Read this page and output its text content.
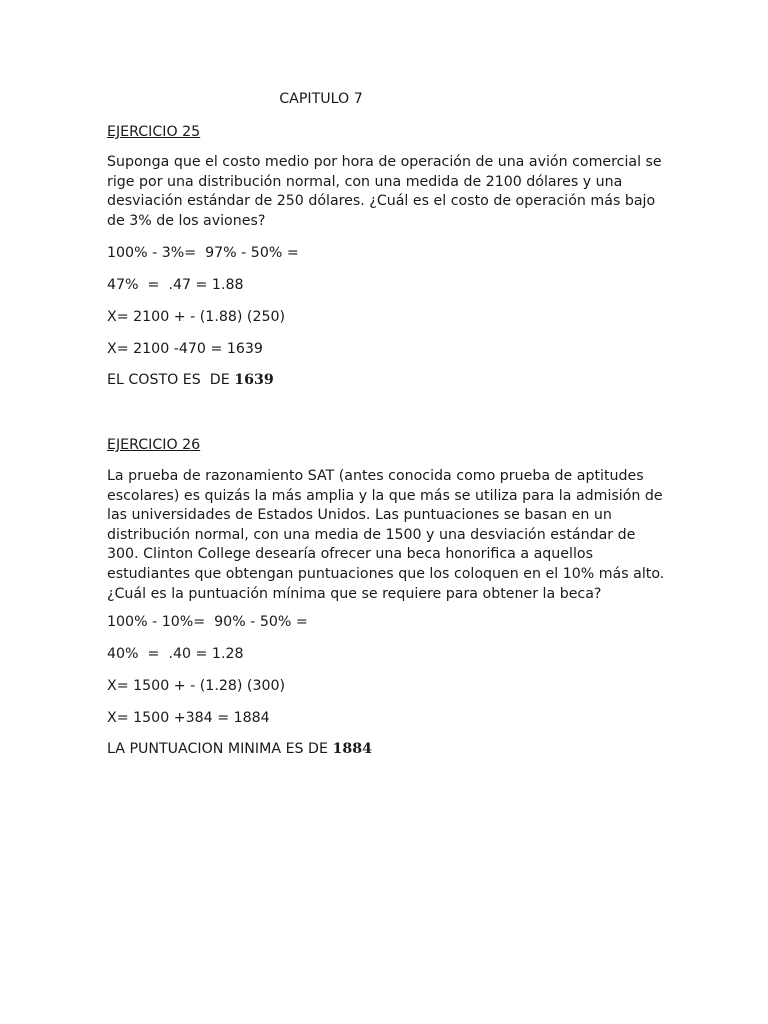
CAPITULO 7
EJERCICIO 25
Suponga que el costo medio por hora de operación de una avión comercial se rige por una distribución normal, con una medida de 2100 dólares y una desviación estándar de 250 dólares. ¿Cuál es el costo de operación más bajo de 3% de los aviones?
100% - 3%=  97% - 50% =
47%  =  .47 = 1.88
X= 2100 + - (1.88) (250)
X= 2100 -470 = 1639
EL COSTO ES  DE 1639
EJERCICIO 26
La prueba de razonamiento SAT (antes conocida como prueba de aptitudes escolares) es quizás la más amplia y la que más se utiliza para la admisión de las universidades de Estados Unidos. Las puntuaciones se basan en un distribución normal, con una media de 1500 y una desviación estándar de 300. Clinton College desearía ofrecer una beca honorifica a aquellos estudiantes que obtengan puntuaciones que los coloquen en el 10% más alto. ¿Cuál es la puntuación mínima que se requiere para obtener la beca?
100% - 10%=  90% - 50% =
40%  =  .40 = 1.28
X= 1500 + - (1.28) (300)
X= 1500 +384 = 1884
LA PUNTUACION MINIMA ES DE 1884
